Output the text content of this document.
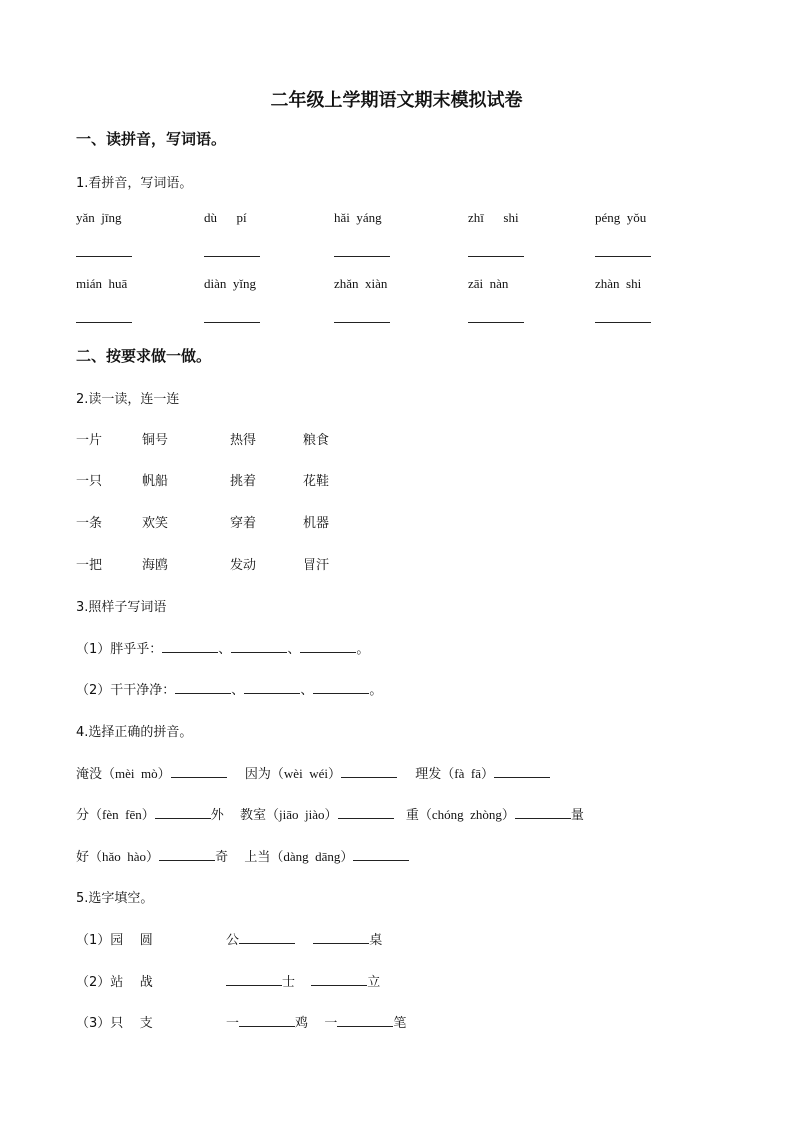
二年级上学期语文期末模拟试卷
一、读拼音，写词语。
1.看拼音，写词语。
yǎn  jīng	dù      pí	hǎi  yáng	zhī      shi	péng  yǒu
mián  huā	diàn  yǐng	zhǎn  xiàn	zāi  nàn	zhàn  shi
二、按要求做一做。
2.读一读，连一连
一片	铜号	热得	粮食
一只	帆船	挑着	花鞋
一条	欢笑	穿着	机器
一把	海鸥	发动	冒汗
3.照样子写词语
（1）胖乎乎：	、	、	。
（2）干干净净：	、	、	。
4.选择正确的拼音。
淹没（mèi  mò）	因为（wèi  wéi）	理发（fà  fā）
分（fèn  fēn）	外 教室（jiāo  jiào）	重（chóng  zhòng）	量
好（hǎo  hào）	奇 上当（dàng  dāng）
5.选字填空。
（1）园    圆	公	桌
（2）站    战	士	立
（3）只    支	一	鸡 一	笔
